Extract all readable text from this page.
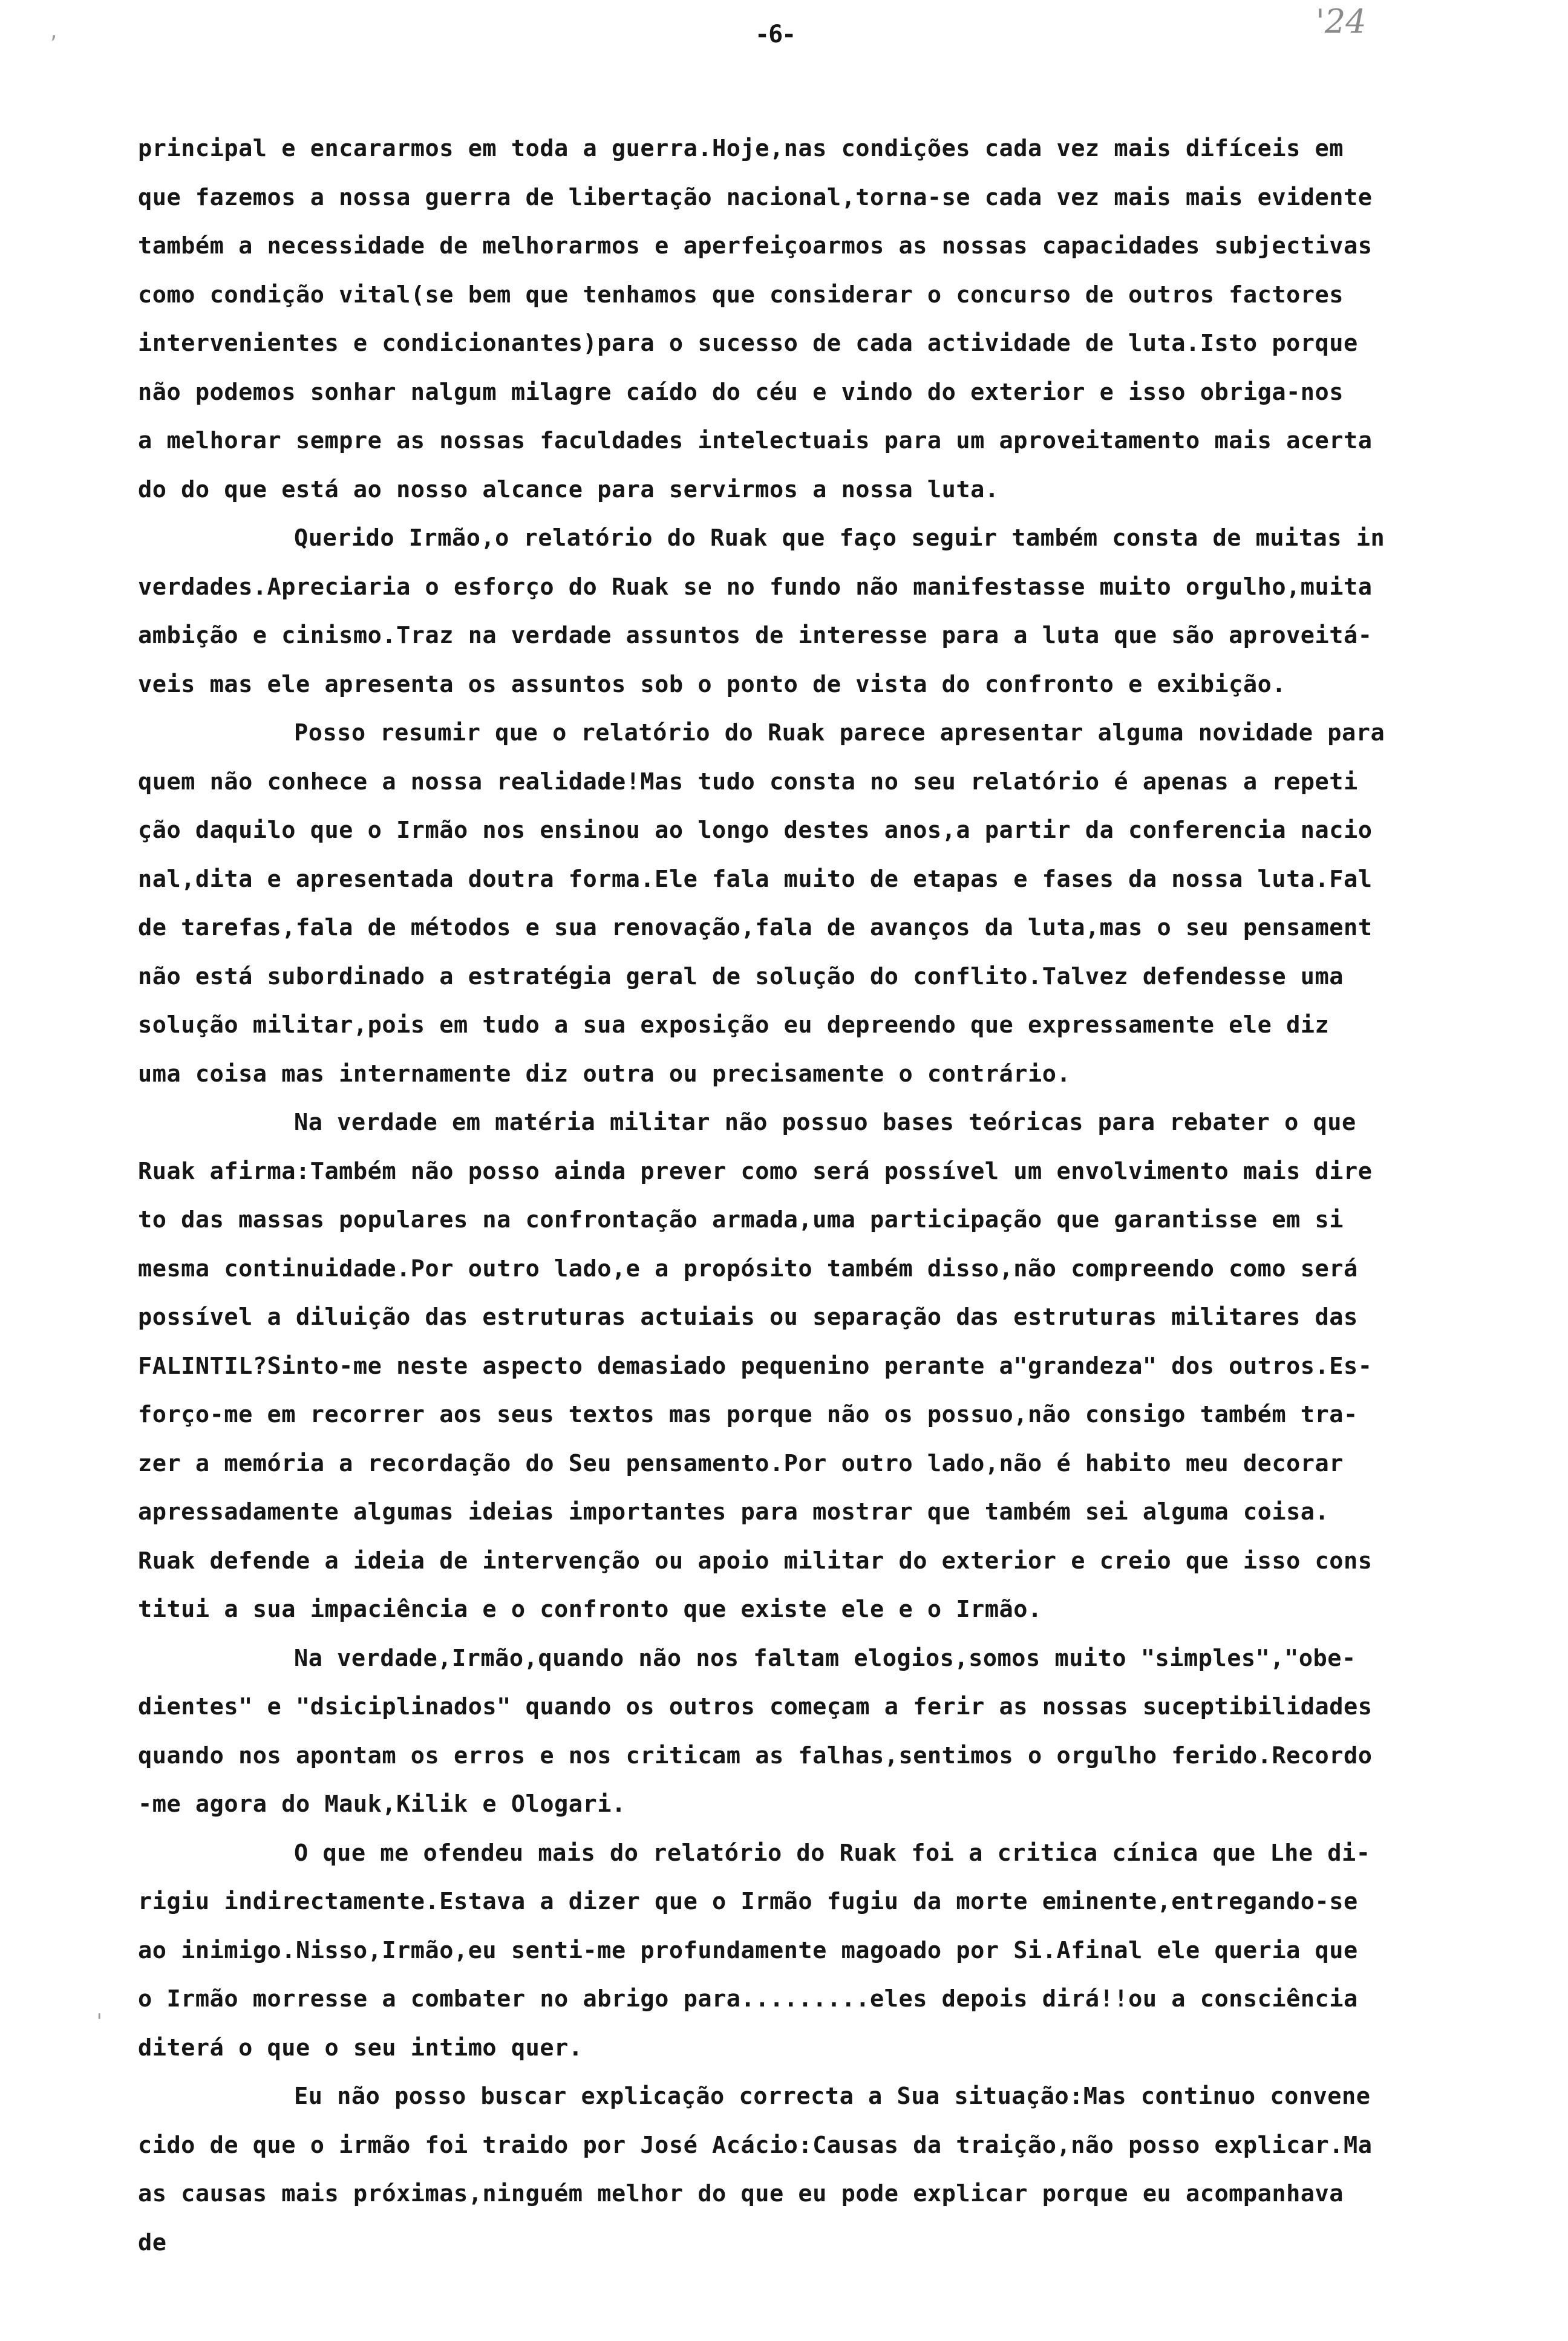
,	-6-	'24
'
principal e encararmos em toda a guerra.Hoje,nas condições cada vez mais difíceis em
que fazemos a nossa guerra de libertação nacional,torna-se cada vez mais mais evidente
também a necessidade de melhorarmos e aperfeiçoarmos as nossas capacidades subjectivas
como condição vital(se bem que tenhamos que considerar o concurso de outros factores
intervenientes e condicionantes)para o sucesso de cada actividade de luta.Isto porque
não podemos sonhar nalgum milagre caído do céu e vindo do exterior e isso obriga-nos
a melhorar sempre as nossas faculdades intelectuais para um aproveitamento mais acerta
do do que está ao nosso alcance para servirmos a nossa luta.
Querido Irmão,o relatório do Ruak que faço seguir também consta de muitas in
verdades.Apreciaria o esforço do Ruak se no fundo não manifestasse muito orgulho,muita
ambição e cinismo.Traz na verdade assuntos de interesse para a luta que são aproveitá-
veis mas ele apresenta os assuntos sob o ponto de vista do confronto e exibição.
Posso resumir que o relatório do Ruak parece apresentar alguma novidade para
quem não conhece a nossa realidade!Mas tudo consta no seu relatório é apenas a repeti
ção daquilo que o Irmão nos ensinou ao longo destes anos,a partir da conferencia nacio
nal,dita e apresentada doutra forma.Ele fala muito de etapas e fases da nossa luta.Fal
de tarefas,fala de métodos e sua renovação,fala de avanços da luta,mas o seu pensament
não está subordinado a estratégia geral de solução do conflito.Talvez defendesse uma
solução militar,pois em tudo a sua exposição eu depreendo que expressamente ele diz
uma coisa mas internamente diz outra ou precisamente o contrário.
Na verdade em matéria militar não possuo bases teóricas para rebater o que
Ruak afirma:Também não posso ainda prever como será possível um envolvimento mais dire
to das massas populares na confrontação armada,uma participação que garantisse em si
mesma continuidade.Por outro lado,e a propósito também disso,não compreendo como será
possível a diluição das estruturas actuiais ou separação das estruturas militares das
FALINTIL?Sinto-me neste aspecto demasiado pequenino perante a"grandeza" dos outros.Es-
forço-me em recorrer aos seus textos mas porque não os possuo,não consigo também tra-
zer a memória a recordação do Seu pensamento.Por outro lado,não é habito meu decorar
apressadamente algumas ideias importantes para mostrar que também sei alguma coisa.
Ruak defende a ideia de intervenção ou apoio militar do exterior e creio que isso cons
titui a sua impaciência e o confronto que existe ele e o Irmão.
Na verdade,Irmão,quando não nos faltam elogios,somos muito "simples","obe-
dientes" e "dsiciplinados" quando os outros começam a ferir as nossas suceptibilidades
quando nos apontam os erros e nos criticam as falhas,sentimos o orgulho ferido.Recordo
-me agora do Mauk,Kilik e Ologari.
O que me ofendeu mais do relatório do Ruak foi a critica cínica que Lhe di-
rigiu indirectamente.Estava a dizer que o Irmão fugiu da morte eminente,entregando-se
ao inimigo.Nisso,Irmão,eu senti-me profundamente magoado por Si.Afinal ele queria que
o Irmão morresse a combater no abrigo para.........eles depois dirá!!ou a consciência
diterá o que o seu intimo quer.
Eu não posso buscar explicação correcta a Sua situação:Mas continuo convene
cido de que o irmão foi traido por José Acácio:Causas da traição,não posso explicar.Ma
as causas mais próximas,ninguém melhor do que eu pode explicar porque eu acompanhava
de
